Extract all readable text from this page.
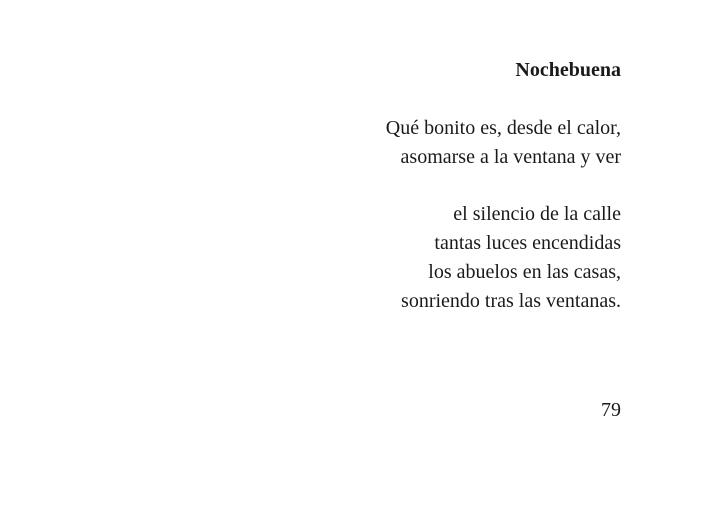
Nochebuena
Qué bonito es, desde el calor,
asomarse a la ventana y ver
el silencio de la calle
tantas luces encendidas
los abuelos en las casas,
sonriendo tras las ventanas.
79
